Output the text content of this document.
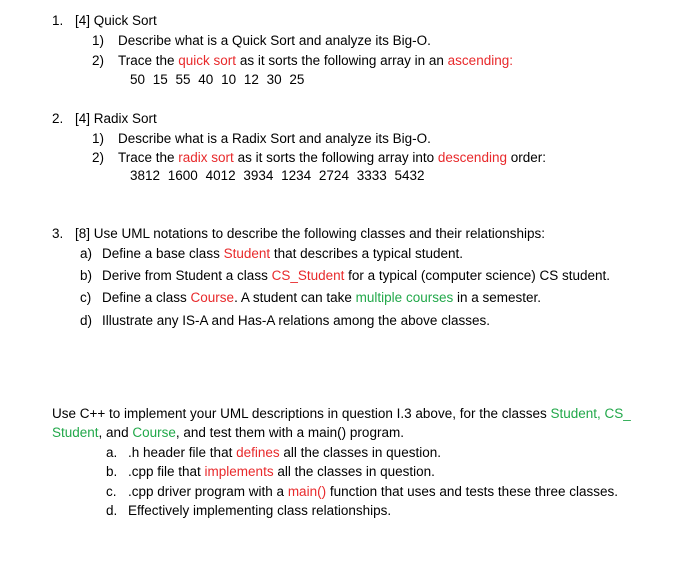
1. [4] Quick Sort
1) Describe what is a Quick Sort and analyze its Big-O.
2) Trace the quick sort as it sorts the following array in an ascending:
50 15 55 40 10 12 30 25
2. [4] Radix Sort
1) Describe what is a Radix Sort and analyze its Big-O.
2) Trace the radix sort as it sorts the following array into descending order:
3812 1600 4012 3934 1234 2724 3333 5432
3. [8] Use UML notations to describe the following classes and their relationships:
a) Define a base class Student that describes a typical student.
b) Derive from Student a class CS_Student for a typical (computer science) CS student.
c) Define a class Course. A student can take multiple courses in a semester.
d) Illustrate any IS-A and Has-A relations among the above classes.
Use C++ to implement your UML descriptions in question I.3 above, for the classes Student, CS_
Student, and Course, and test them with a main() program.
a. .h header file that defines all the classes in question.
b. .cpp file that implements all the classes in question.
c. .cpp driver program with a main() function that uses and tests these three classes.
d. Effectively implementing class relationships.
